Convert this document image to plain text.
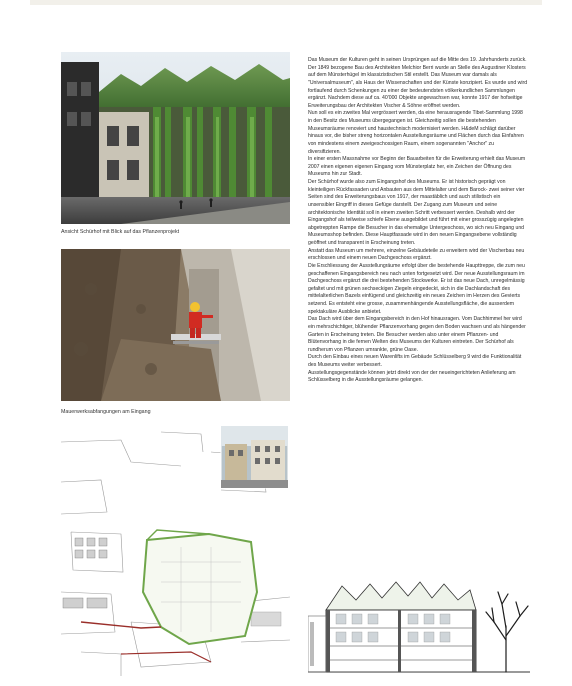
Ansicht Schürhof mit Blick auf das Pflanzenprojekt
Mauerwerksabfangungen am Eingang

Das Museum der Kulturen geht in seinen Ursprüngen auf die Mitte des 19. Jahrhunderts zurück. Der 1849 bezogene Bau des Architekten Melchior Berri wurde an Stelle des Augustiner Klosters auf dem Münsterhügel im klassizistischen Stil erstellt. Das Museum war damals als "Universalmuseum", als Haus der Wissenschaften und der Künste konzipiert. Es wurde und wird fortlaufend durch Schenkungen zu einer der bedeutendsten völkerkundlichen Sammlungen ergänzt. Nachdem diese auf ca. 40'000 Objekte angewachsen war, konnte 1917 der hofseitige Erweiterungsbau der Architekten Vischer & Söhne eröffnet werden.

Nun soll es ein zweites Mal vergrössert werden, da eine herausragende Tibet-Sammlung 1998 in den Besitz des Museums übergegangen ist. Gleichzeitig sollen die bestehenden Museumsräume renoviert und haustechnisch modernisiert werden. H&deM schlägt darüber hinaus vor, die bisher streng horizontalen Ausstellungsräume und Flächen durch das Einfahren von mindestens einem zweigeschossigen Raum, einem sogenannten "Anchor" zu diversifizieren.

In einer ersten Massnahme vor Beginn der Bauarbeiten für die Erweiterung erhielt das Museum 2007 einen eigenen eigenen Eingang vom Münsterplatz her, ein Zeichen der Öffnung des Museums hin zur Stadt.

Der Schürhof wurde also zum Eingangshof des Museums. Er ist historisch geprägt von kleinteiligen Rückfassaden und Anbauten aus dem Mittelalter und dem Barock- zwei seiner vier Seiten sind des Erweiterungsbaus von 1917, der maastäblich und auch stilistisch ein unsensibler Eingriff in dieses Gefüge darstellt. Der Zugang zum Museum und seine architektonische Identität soll in einem zweiten Schritt verbessert werden. Deshalb wird der Eingangshof als teilweise schiefe Ebene ausgebildet und führt mit einer grosszügig angelegten abgetreppten Rampe die Besucher in das ehemalige Untergeschoss, wo sich neu Eingang und Museumsshop befinden. Diese Hauptfassade wird in den neuen Eingangsebene vollständig geöffnet und transparent in Erscheinung treten.

Anstatt das Museum um mehrere, einzelne Gebäudeteile zu erweitern wird der Vischerbau neu erschlossen und einem neuen Dachgeschoss ergänzt.

Die Erschliessung der Ausstellungräume erfolgt über die bestehende Haupttreppe, die zum neu geschaffenen Eingangsbereich neu nach unten fortgesetzt wird. Der neue Ausstellungsraum im Dachgeschoss ergänzt die drei bestehenden Stockwerke. Er ist das neue Dach, unregelmässig gefaltet und mit grünen sechseckigen Ziegeln eingedeckt, sich in die Dachlandschaft des mittelalterlichen Bazels einfügend und gleichzeitig ein neues Zeichen im Herzen des Gevierts setzend. Es entsteht eine grosse, zusammenhängende Ausstellungsfläche, die ausserdem spektakuläre Ausblicke anbietet.

Das Dach wird über dem Eingangsbereich in den Hof hinausragen. Vom Dachhimmel her wird ein mehrschichtiger, blühender Pflanzenvorhang gegen den Boden wachsen und als hängender Garten in Erscheinung treten. Die Besucher werden also unter einem Pflanzen- und Blütenvorhang in die fernen Welten des Museums der Kulturen eintreten. Der Schürhof als rundherum von Pflanzen umrankte, grüne Oase.

Durch den Einbau eines neuen Warenlifts im Gebäude Schlüsselberg 9 wird die Funktionalität des Museums weiter verbessert.

Ausstellungsgegenstände können jetzt direkt von der der neueingerichteten Anlieferung am Schlüsselberg in die Ausstellungsräume gelangen.
